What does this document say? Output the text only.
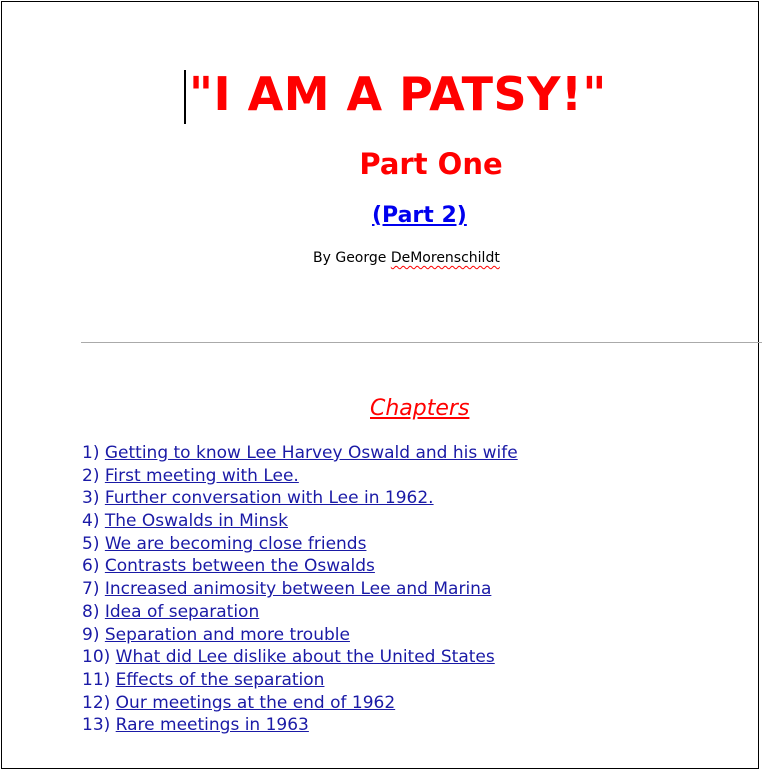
"I AM A PATSY!"
Part One
(Part 2)
By George DeMorenschildt
Chapters
1) Getting to know Lee Harvey Oswald and his wife
2) First meeting with Lee.
3) Further conversation with Lee in 1962.
4) The Oswalds in Minsk
5) We are becoming close friends
6) Contrasts between the Oswalds
7) Increased animosity between Lee and Marina
8) Idea of separation
9) Separation and more trouble
10) What did Lee dislike about the United States
11) Effects of the separation
12) Our meetings at the end of 1962
13) Rare meetings in 1963
